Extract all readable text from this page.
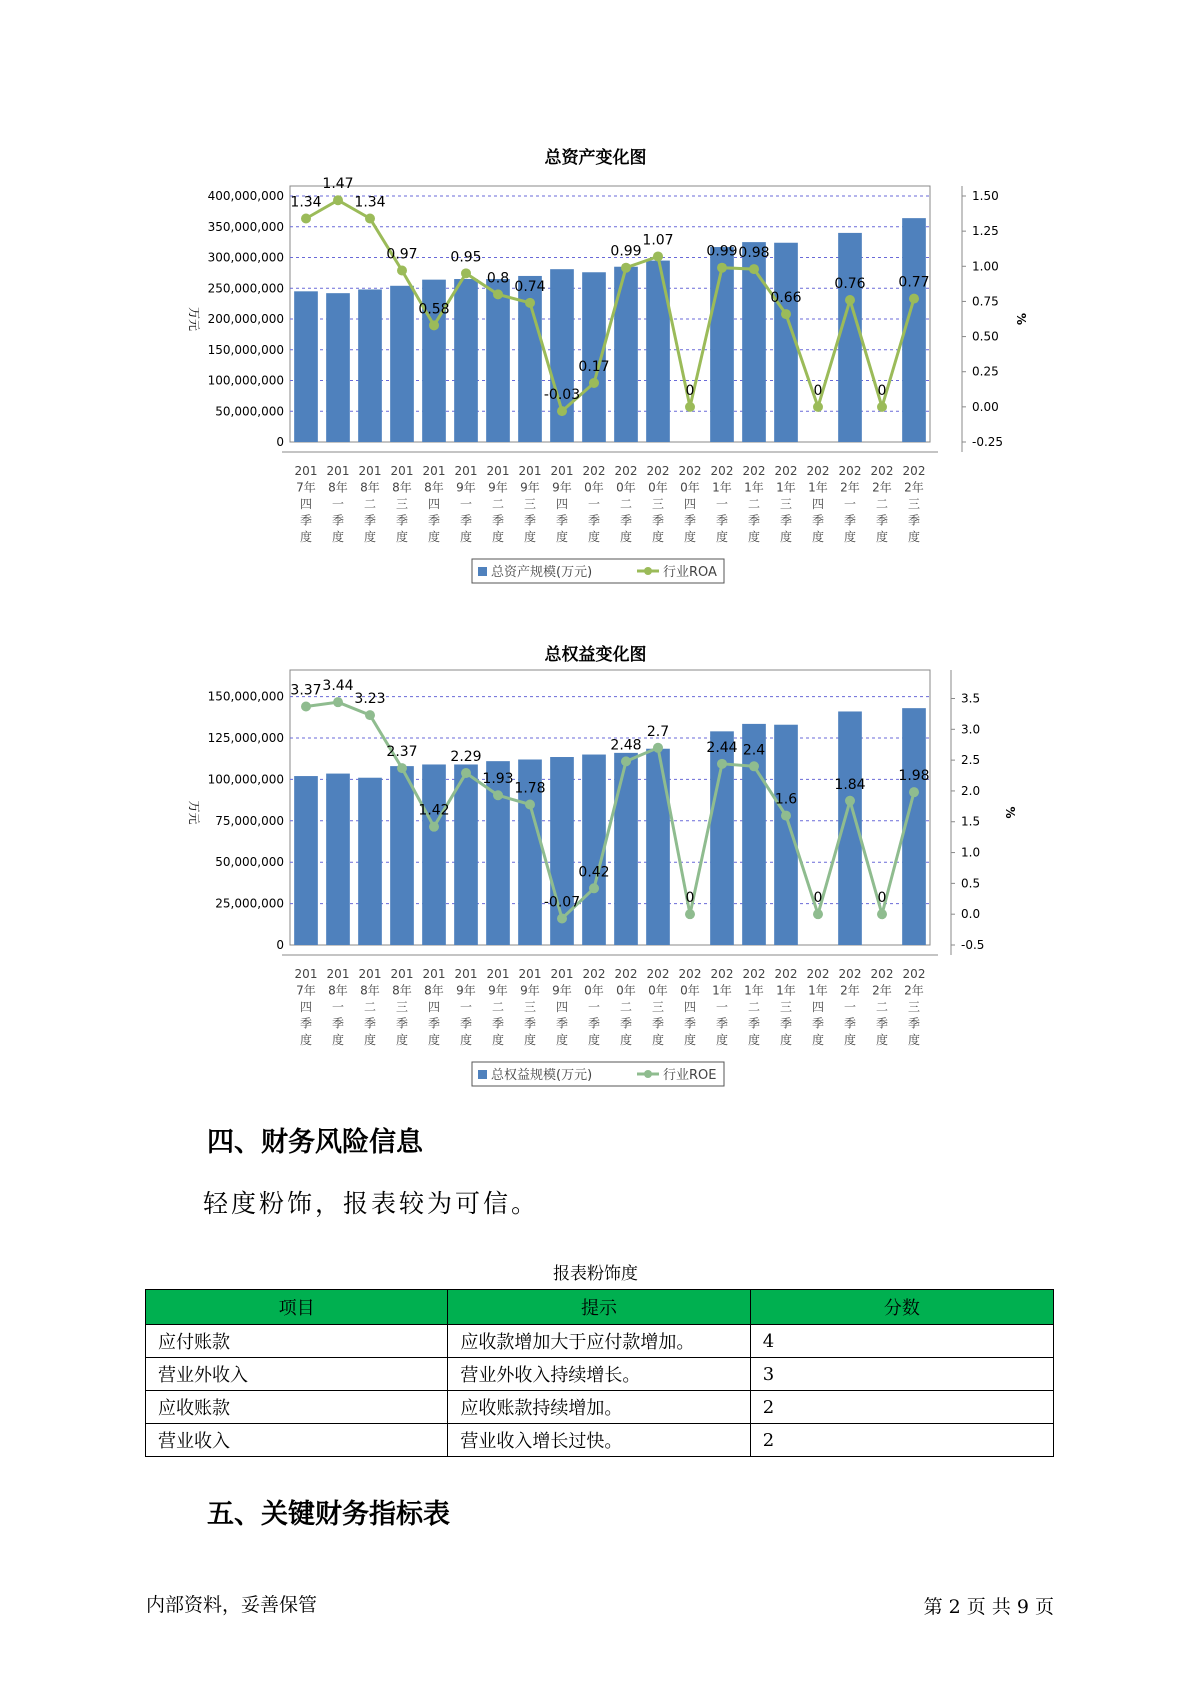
总资产变化图
0
50,000,000
100,000,000
150,000,000
200,000,000
250,000,000
300,000,000
350,000,000
400,000,000
-0.25
0.00
0.25
0.50
0.75
1.00
1.25
1.50
万元	%
1.34
1.47
1.34
0.97
0.58
0.95
0.8
0.74
-0.03
0.17
0.99
1.07
0
0.99 0.98
0.66
0
0.76
0
0.77
201
7年
四
季
度
201
8年
一
季
度
201
8年
二
季
度
201
8年
三
季
度
201
8年
四
季
度
201
9年
一
季
度
201
9年
二
季
度
201
9年
三
季
度
201
9年
四
季
度
202
0年
一
季
度
202
0年
二
季
度
202
0年
三
季
度
202
0年
四
季
度
202
1年
一
季
度
202
1年
二
季
度
202
1年
三
季
度
202
1年
四
季
度
202
2年
一
季
度
202
2年
二
季
度
202
2年
三
季
度
总资产规模(万元)	行业ROA
总权益变化图
0
25,000,000
50,000,000
75,000,000
100,000,000
125,000,000
150,000,000
-0.5
0.0
0.5
1.0
1.5
2.0
2.5
3.0
3.5
万元	%
3.37 3.44
3.23
2.37
1.42
2.29
1.93
1.78
-0.07
0.42
2.48
2.7
0
2.44 2.4
1.6
0
1.84
0
1.98
201
7年
四
季
度
201
8年
一
季
度
201
8年
二
季
度
201
8年
三
季
度
201
8年
四
季
度
201
9年
一
季
度
201
9年
二
季
度
201
9年
三
季
度
201
9年
四
季
度
202
0年
一
季
度
202
0年
二
季
度
202
0年
三
季
度
202
0年
四
季
度
202
1年
一
季
度
202
1年
二
季
度
202
1年
三
季
度
202
1年
四
季
度
202
2年
一
季
度
202
2年
二
季
度
202
2年
三
季
度
总权益规模(万元)	行业ROE
四、财务风险信息
轻度粉饰，报表较为可信。
报表粉饰度
项目	提示	分数
应付账款	应收款增加大于应付款增加。	4
营业外收入	营业外收入持续增长。	3
应收账款	应收账款持续增加。	2
营业收入	营业收入增长过快。	2
五、关键财务指标表
内部资料，妥善保管	第 2 页 共 9 页
